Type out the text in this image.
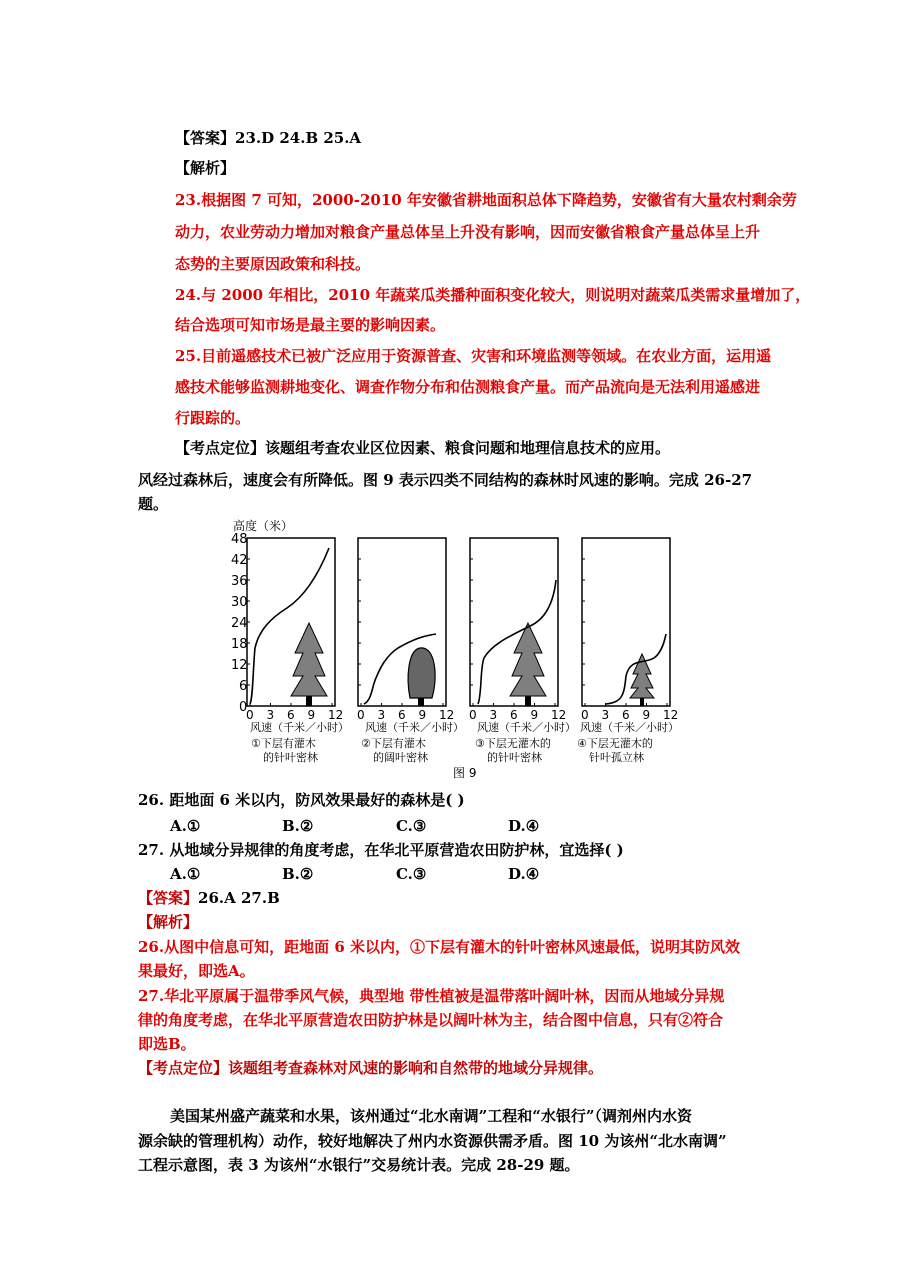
【答案】23.D 24.B 25.A
【解析】
23.根据图 7 可知，2000-2010 年安徽省耕地面积总体下降趋势，安徽省有大量农村剩余劳
动力，农业劳动力增加对粮食产量总体呈上升没有影响，因而安徽省粮食产量总体呈上升
态势的主要原因政策和科技。
24.与 2000 年相比，2010 年蔬菜瓜类播种面积变化较大，则说明对蔬菜瓜类需求量增加了，
结合选项可知市场是最主要的影响因素。
25.目前遥感技术已被广泛应用于资源普查、灾害和环境监测等领域。在农业方面，运用遥
感技术能够监测耕地变化、调查作物分布和估测粮食产量。而产品流向是无法利用遥感进
行跟踪的。
【考点定位】该题组考查农业区位因素、粮食问题和地理信息技术的应用。
风经过森林后，速度会有所降低。图 9 表示四类不同结构的森林时风速的影响。完成 26-27
题。
高度（米）
0
6
12
18
24
30
36
42
48
0 3 6 9 12 0 3 6 9 12 0 3 6 9 12 0 3 6 9 12
风速（千米／小时） 风速（千米／小时） 风速（千米／小时） 风速（千米／小时）
①下层有灌木
的针叶密林
②下层有灌木
的阔叶密林
③下层无灌木的
的针叶密林
④下层无灌木的
针叶孤立林
图 9
26. 距地面 6 米以内，防风效果最好的森林是( )
A.①	B.②	C.③	D.④
27. 从地域分异规律的角度考虑，在华北平原营造农田防护林，宜选择( )
A.①	B.②	C.③	D.④
【答案】26.A 27.B
【解析】
26.从图中信息可知，距地面 6 米以内，①下层有灌木的针叶密林风速最低，说明其防风效
果最好，即选A。
27.华北平原属于温带季风气候，典型地 带性植被是温带落叶阔叶林，因而从地域分异规
律的角度考虑，在华北平原营造农田防护林是以阔叶林为主，结合图中信息，只有②符合
即选B。
【考点定位】该题组考查森林对风速的影响和自然带的地域分异规律。
美国某州盛产蔬菜和水果，该州通过“北水南调”工程和“水银行”（调剂州内水资
源余缺的管理机构）动作，较好地解决了州内水资源供需矛盾。图 10 为该州“北水南调”
工程示意图，表 3 为该州“水银行”交易统计表。完成 28-29 题。
